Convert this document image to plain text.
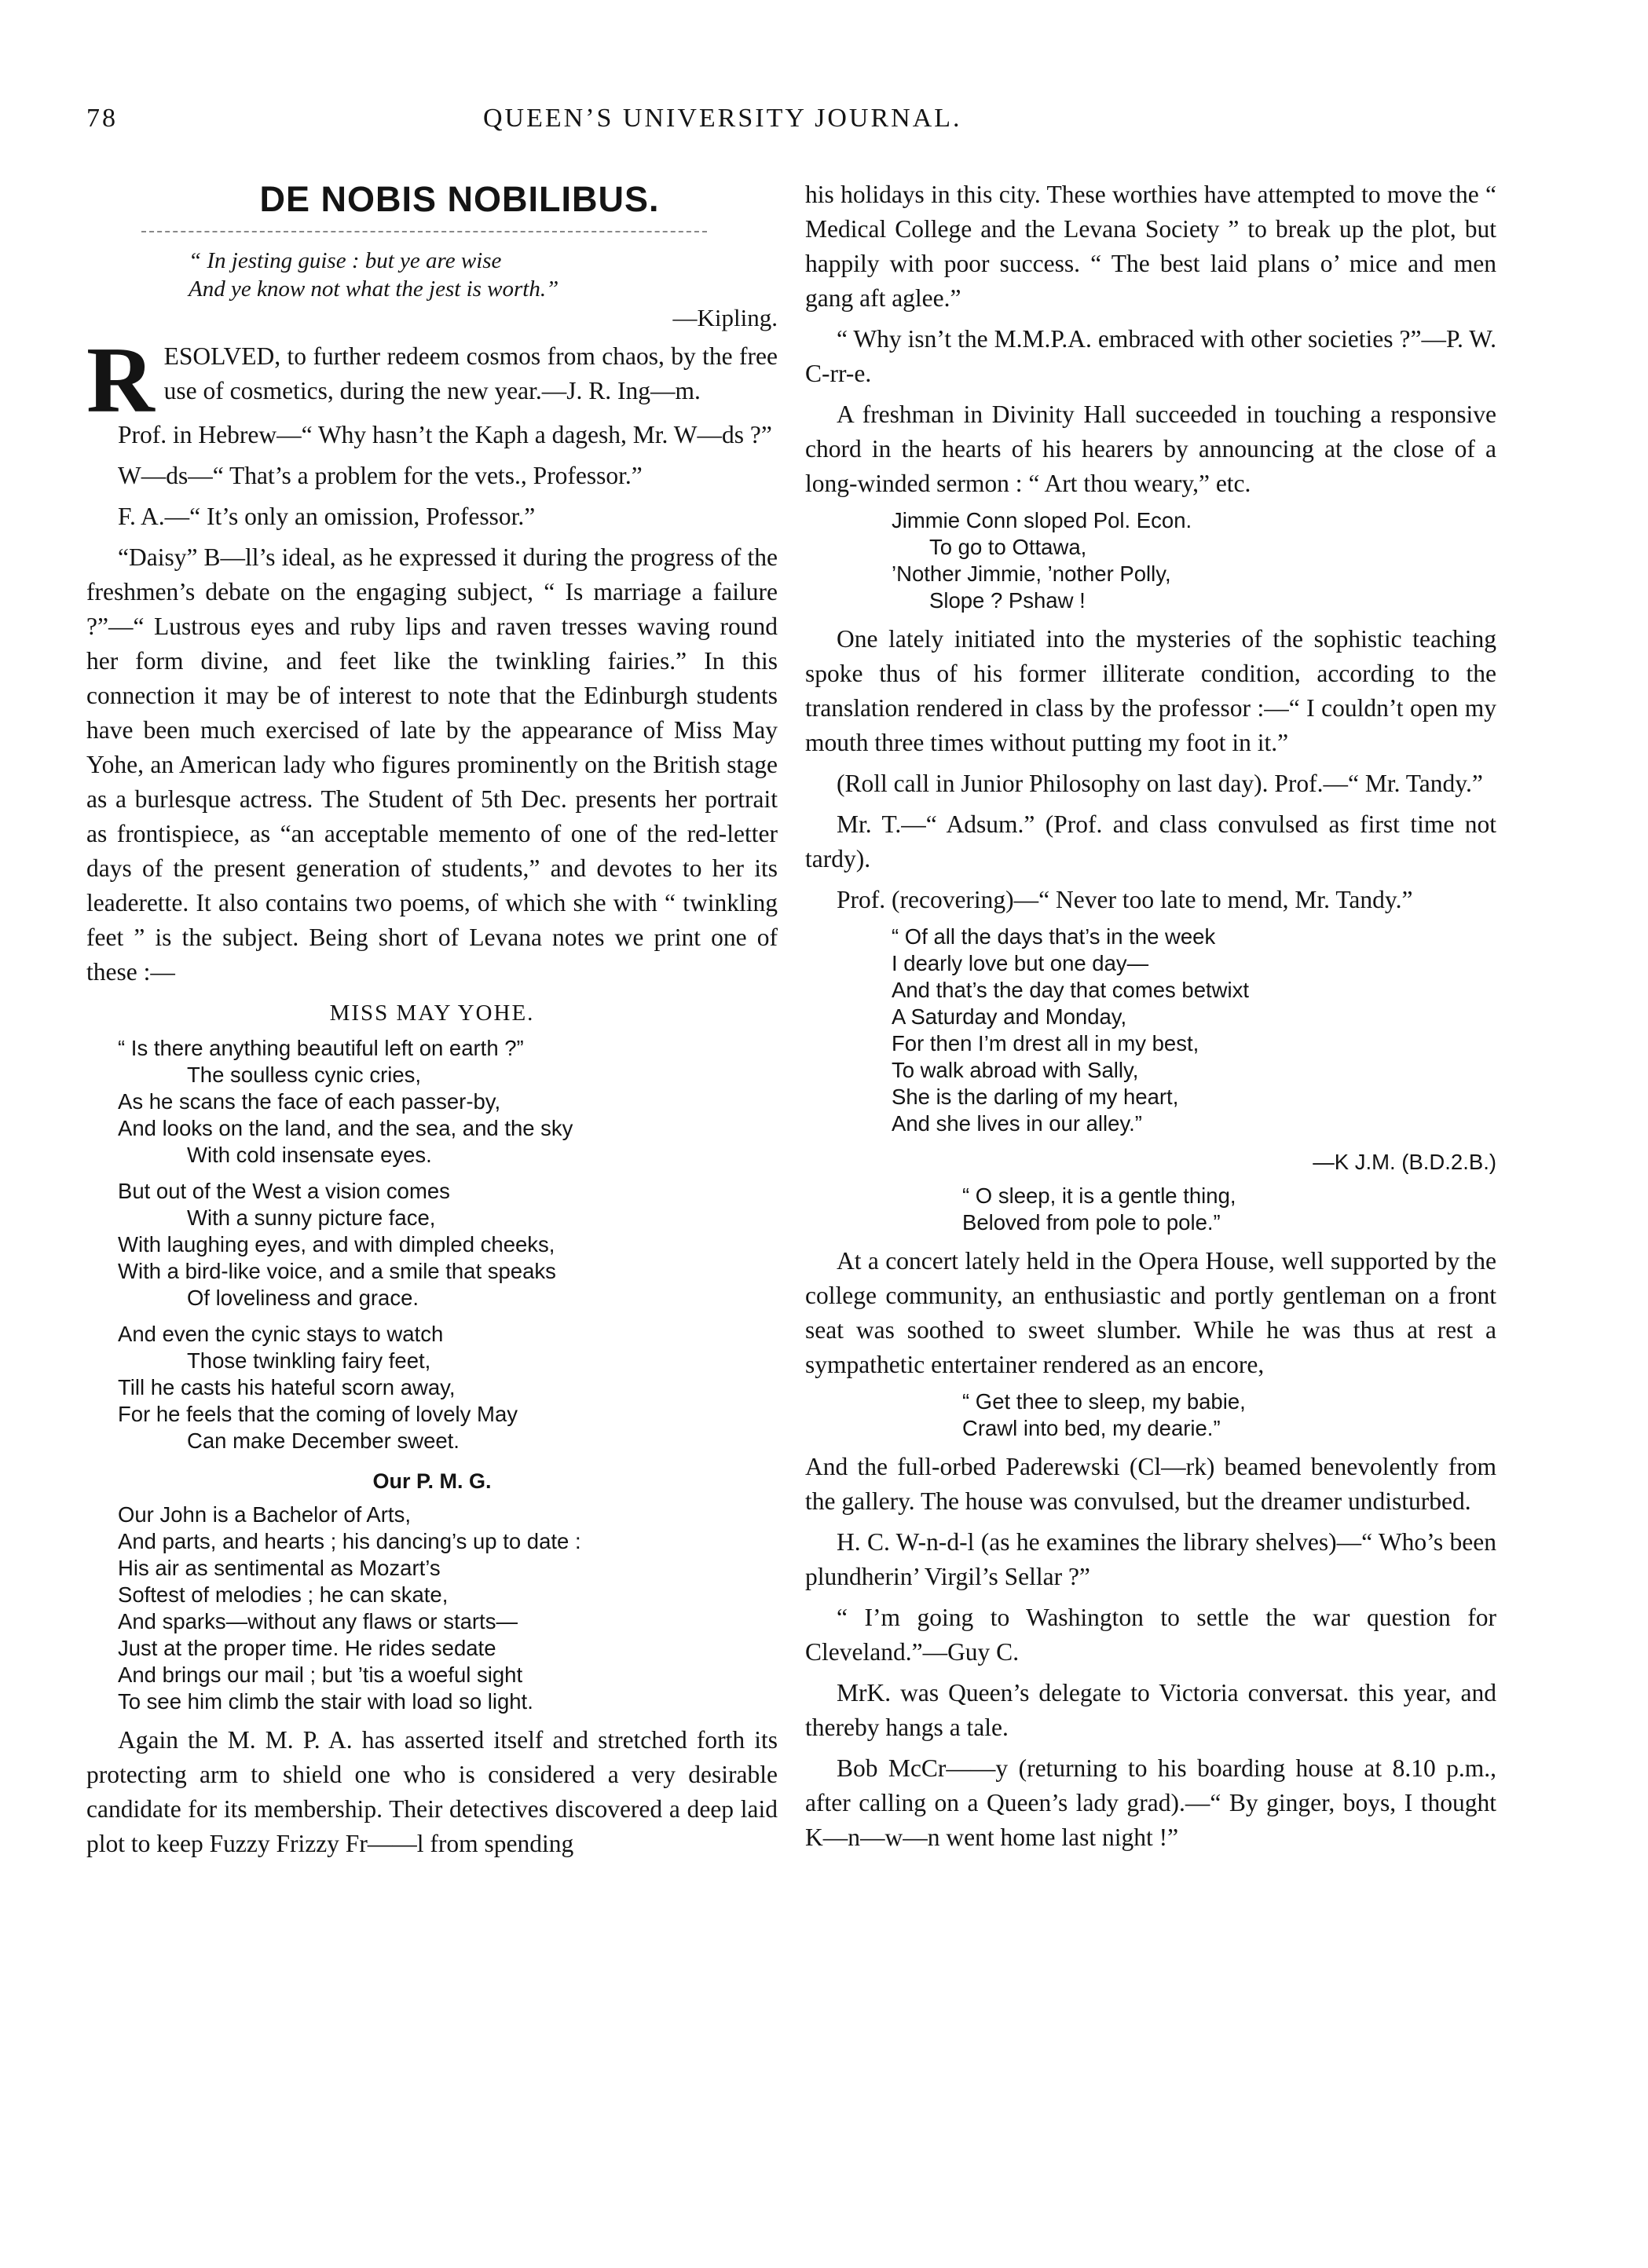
78	QUEEN’S UNIVERSITY JOURNAL.
DE NOBIS NOBILIBUS.
“ In jesting guise : but ye are wise
And ye know not what the jest is worth.”
—Kipling.
R ESOLVED, to further redeem cosmos from chaos, by the free use of cosmetics, during the new year.—J. R. Ing—m.

Prof. in Hebrew—“ Why hasn’t the Kaph a dagesh, Mr. W—ds ?”

W—ds—“ That’s a problem for the vets., Professor.”

F. A.—“ It’s only an omission, Professor.”

“Daisy” B—ll’s ideal, as he expressed it during the progress of the freshmen’s debate on the engaging subject, “ Is marriage a failure ?”—“ Lustrous eyes and ruby lips and raven tresses waving round her form divine, and feet like the twinkling fairies.” In this connection it may be of interest to note that the Edinburgh students have been much exercised of late by the appearance of Miss May Yohe, an American lady who figures prominently on the British stage as a burlesque actress. The Student of 5th Dec. presents her portrait as frontispiece, as “an acceptable memento of one of the red-letter days of the present generation of students,” and devotes to her its leaderette. It also contains two poems, of which she with “ twinkling feet ” is the subject. Being short of Levana notes we print one of these :—

MISS MAY YOHE.
“ Is there anything beautiful left on earth ?”
The soulless cynic cries,
As he scans the face of each passer-by,
And looks on the land, and the sea, and the sky
With cold insensate eyes.
But out of the West a vision comes
With a sunny picture face,
With laughing eyes, and with dimpled cheeks,
With a bird-like voice, and a smile that speaks
Of loveliness and grace.
And even the cynic stays to watch
Those twinkling fairy feet,
Till he casts his hateful scorn away,
For he feels that the coming of lovely May
Can make December sweet.
Our P. M. G.
Our John is a Bachelor of Arts,
And parts, and hearts ; his dancing’s up to date :
His air as sentimental as Mozart’s
Softest of melodies ; he can skate,
And sparks—without any flaws or starts—
Just at the proper time. He rides sedate
And brings our mail ; but ’tis a woeful sight
To see him climb the stair with load so light.

Again the M. M. P. A. has asserted itself and stretched forth its protecting arm to shield one who is considered a very desirable candidate for its membership. Their detectives discovered a deep laid plot to keep Fuzzy Frizzy Fr——l from spending

his holidays in this city. These worthies have attempted to move the “ Medical College and the Levana Society ” to break up the plot, but happily with poor success. “ The best laid plans o’ mice and men gang aft aglee.”

“ Why isn’t the M.M.P.A. embraced with other societies ?”—P. W. C-rr-e.

A freshman in Divinity Hall succeeded in touching a responsive chord in the hearts of his hearers by announcing at the close of a long-winded sermon : “ Art thou weary,” etc.

Jimmie Conn sloped Pol. Econ.
To go to Ottawa,
’Nother Jimmie, ’nother Polly,
Slope ? Pshaw !

One lately initiated into the mysteries of the sophistic teaching spoke thus of his former illiterate condition, according to the translation rendered in class by the professor :—“ I couldn’t open my mouth three times without putting my foot in it.”

(Roll call in Junior Philosophy on last day). Prof.—“ Mr. Tandy.”

Mr. T.—“ Adsum.” (Prof. and class convulsed as first time not tardy).

Prof. (recovering)—“ Never too late to mend, Mr. Tandy.”

“ Of all the days that’s in the week
I dearly love but one day—
And that’s the day that comes betwixt
A Saturday and Monday,
For then I’m drest all in my best,
To walk abroad with Sally,
She is the darling of my heart,
And she lives in our alley.”
—K J.M. (B.D.2.B.)
“ O sleep, it is a gentle thing,
Beloved from pole to pole.”

At a concert lately held in the Opera House, well supported by the college community, an enthusiastic and portly gentleman on a front seat was soothed to sweet slumber. While he was thus at rest a sympathetic entertainer rendered as an encore,

“ Get thee to sleep, my babie,
Crawl into bed, my dearie.”

And the full-orbed Paderewski (Cl—rk) beamed benevolently from the gallery. The house was convulsed, but the dreamer undisturbed.

H. C. W-n-d-l (as he examines the library shelves)—“ Who’s been plundherin’ Virgil’s Sellar ?”

“ I’m going to Washington to settle the war question for Cleveland.”—Guy C.

MrK. was Queen’s delegate to Victoria conversat. this year, and thereby hangs a tale.

Bob McCr——y (returning to his boarding house at 8.10 p.m., after calling on a Queen’s lady grad).—“ By ginger, boys, I thought K—n—w—n went home last night !”
